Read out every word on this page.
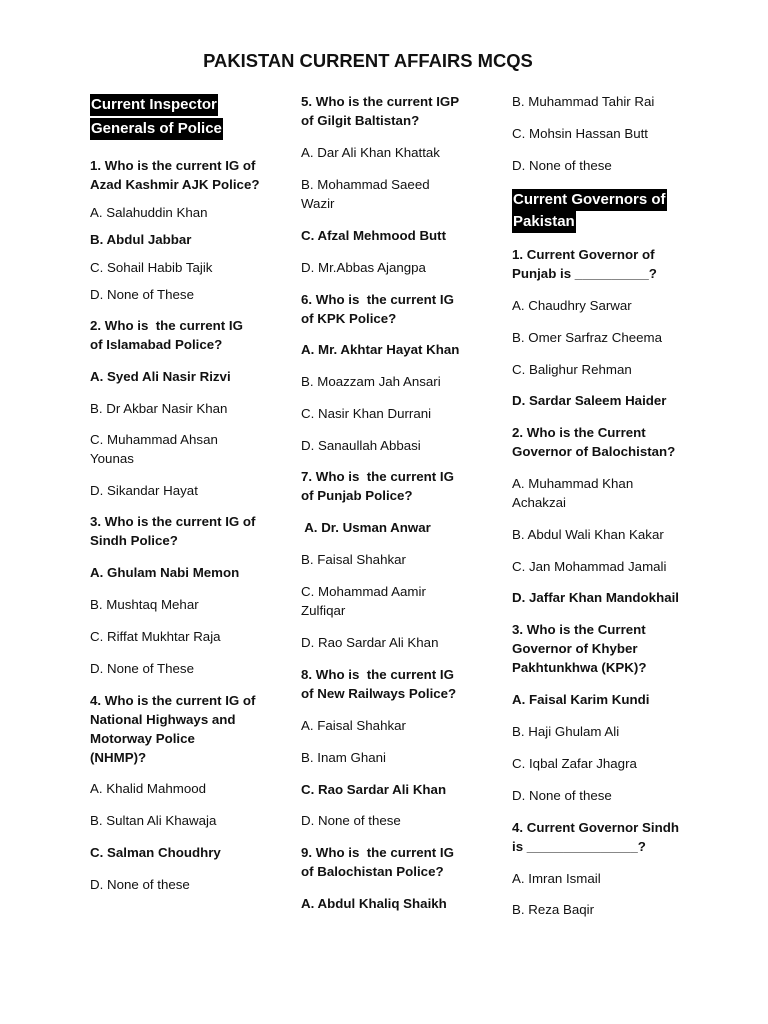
PAKISTAN CURRENT AFFAIRS MCQS
Current Inspector
Generals of Police
1. Who is the current IG of
Azad Kashmir AJK Police?
A. Salahuddin Khan
B. Abdul Jabbar
C. Sohail Habib Tajik
D. None of These
2. Who is  the current IG
of Islamabad Police?
A. Syed Ali Nasir Rizvi
B. Dr Akbar Nasir Khan
C. Muhammad Ahsan
Younas
D. Sikandar Hayat
3. Who is the current IG of
Sindh Police?
A. Ghulam Nabi Memon
B. Mushtaq Mehar
C. Riffat Mukhtar Raja
D. None of These
4. Who is the current IG of
National Highways and
Motorway Police
(NHMP)?
A. Khalid Mahmood
B. Sultan Ali Khawaja
C. Salman Choudhry
D. None of these
5. Who is the current IGP
of Gilgit Baltistan?
A. Dar Ali Khan Khattak
B. Mohammad Saeed
Wazir
C. Afzal Mehmood Butt
D. Mr.Abbas Ajangpa
6. Who is  the current IG
of KPK Police?
A. Mr. Akhtar Hayat Khan
B. Moazzam Jah Ansari
C. Nasir Khan Durrani
D. Sanaullah Abbasi
7. Who is  the current IG
of Punjab Police?
A. Dr. Usman Anwar
B. Faisal Shahkar
C. Mohammad Aamir
Zulfiqar
D. Rao Sardar Ali Khan
8. Who is  the current IG
of New Railways Police?
A. Faisal Shahkar
B. Inam Ghani
C. Rao Sardar Ali Khan
D. None of these
9. Who is  the current IG
of Balochistan Police?
A. Abdul Khaliq Shaikh
B. Muhammad Tahir Rai
C. Mohsin Hassan Butt
D. None of these
Current Governors of
Pakistan
1. Current Governor of
Punjab is __________?
A. Chaudhry Sarwar
B. Omer Sarfraz Cheema
C. Balighur Rehman
D. Sardar Saleem Haider
2. Who is the Current
Governor of Balochistan?
A. Muhammad Khan
Achakzai
B. Abdul Wali Khan Kakar
C. Jan Mohammad Jamali
D. Jaffar Khan Mandokhail
3. Who is the Current
Governor of Khyber
Pakhtunkhwa (KPK)?
A. Faisal Karim Kundi
B. Haji Ghulam Ali
C. Iqbal Zafar Jhagra
D. None of these
4. Current Governor Sindh
is _______________?
A. Imran Ismail
B. Reza Baqir
